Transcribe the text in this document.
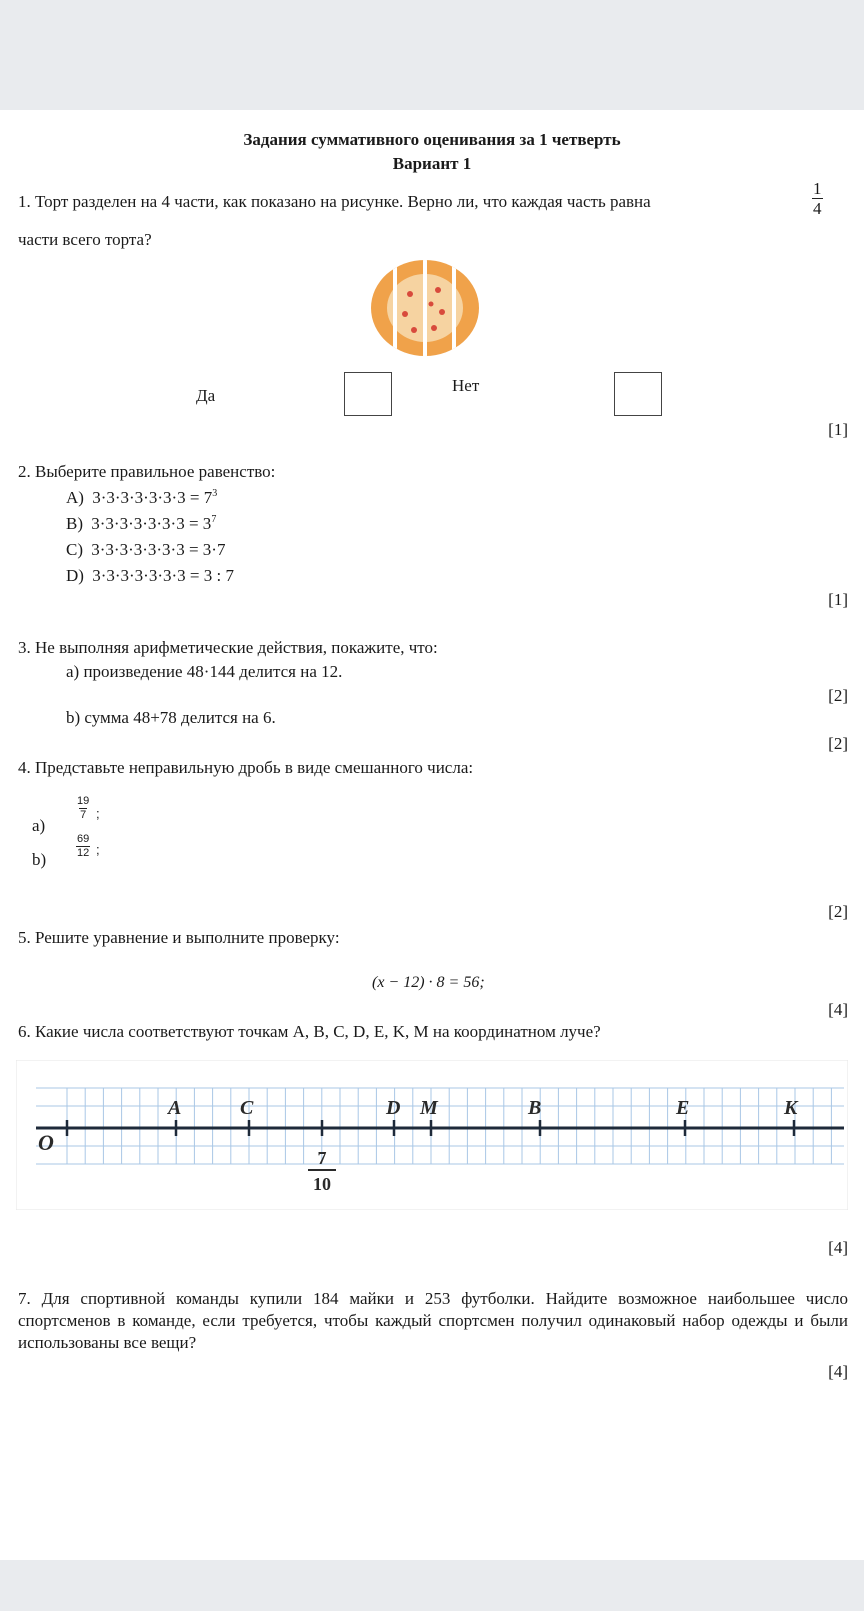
Задания суммативного оценивания за 1 четверть
Вариант 1
1. Торт разделен на 4 части, как показано на рисунке. Верно ли, что каждая часть равна	$\frac{1}{4}$
части всего торта?
Да
Нет
[1]
2. Выберите правильное равенство:
A) $3\cdot 3\cdot 3\cdot 3\cdot 3\cdot 3\cdot 3 = 7^3$
B) $3\cdot 3\cdot 3\cdot 3\cdot 3\cdot 3\cdot 3 = 3^7$
C) 3·3·3·3·3·3·3 = 3·7
D) 3·3·3·3·3·3·3 = 3 : 7
[1]
3. Не выполняя арифметические действия, покажите, что:
а) произведение 48·144 делится на 12.
[2]
b) сумма 48+78 делится на 6.
[2]
4. Представьте неправильную дробь в виде смешанного числа:
a)
$\frac{19}{7}$ ;
b)
$\frac{69}{12}$ ;
[2]
5. Решите уравнение и выполните проверку:
(x − 12) · 8 = 56;
[4]
6. Какие числа соответствуют точкам A, B, C, D, E, K, M на координатном луче?
O
A	C	D M	B	E	K
7
10
[4]
7. Для спортивной команды купили 184 майки и 253 футболки. Найдите возможное наибольшее число спортсменов в команде, если требуется, чтобы каждый спортсмен получил одинаковый набор одежды и были использованы все вещи?
[4]
